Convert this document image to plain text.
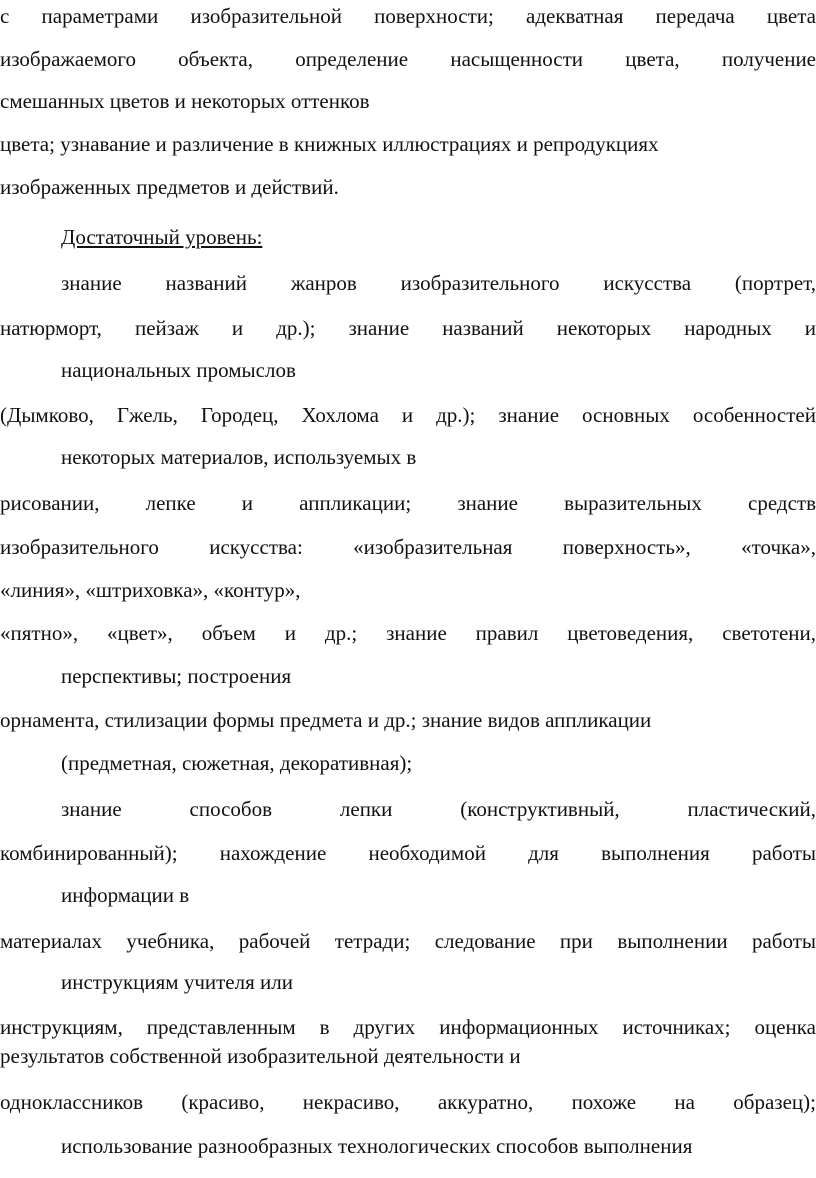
с параметрами изобразительной поверхности; адекватная передача цвета
изображаемого объекта, определение насыщенности цвета, получение
смешанных цветов и некоторых оттенков
цвета; узнавание и различение в книжных иллюстрациях и репродукциях
изображенных предметов и действий.
Достаточный уровень:
знание названий жанров изобразительного искусства (портрет,
натюрморт, пейзаж и др.); знание названий некоторых народных и
национальных промыслов
(Дымково, Гжель, Городец, Хохлома и др.); знание основных особенностей
некоторых материалов, используемых в
рисовании, лепке и аппликации; знание выразительных средств
изобразительного искусства: «изобразительная поверхность», «точка»,
«линия», «штриховка», «контур»,
«пятно», «цвет», объем и др.; знание правил цветоведения, светотени,
перспективы; построения
орнамента, стилизации формы предмета и др.; знание видов аппликации
(предметная, сюжетная, декоративная);
знание способов лепки (конструктивный, пластический,
комбинированный); нахождение необходимой для выполнения работы
информации в
материалах учебника, рабочей тетради; следование при выполнении работы
инструкциям учителя или
инструкциям, представленным в других информационных источниках; оценка
результатов собственной изобразительной деятельности и
одноклассников (красиво, некрасиво, аккуратно, похоже на образец);
использование разнообразных технологических способов выполнения
